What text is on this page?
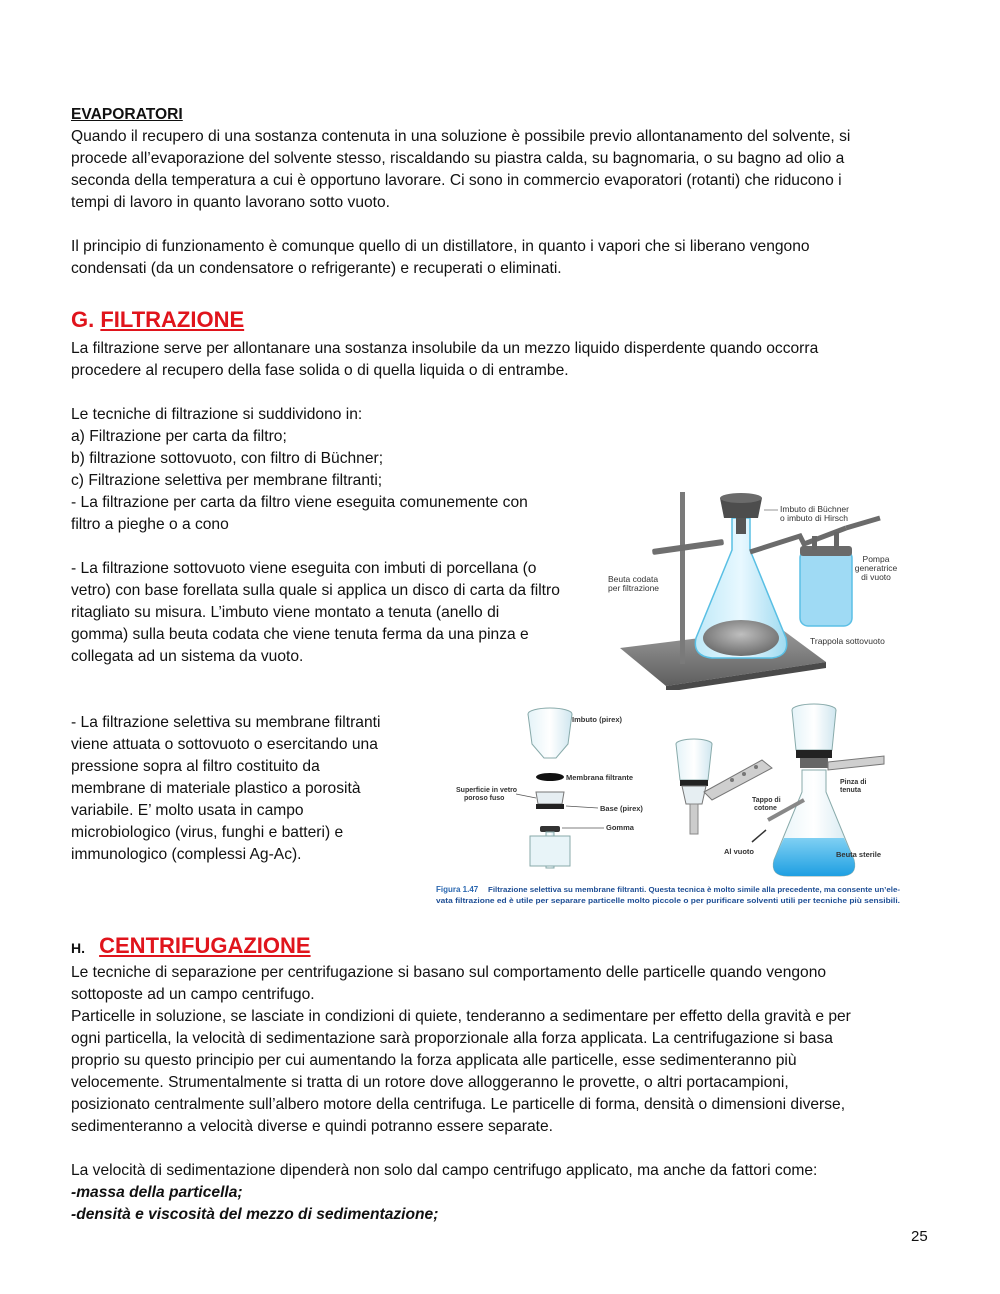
EVAPORATORI
Quando il recupero di una sostanza contenuta in una soluzione è possibile previo allontanamento del solvente, si
procede all’evaporazione del solvente stesso, riscaldando su piastra calda, su bagnomaria, o su bagno ad olio a
seconda della temperatura a cui è opportuno lavorare. Ci sono in commercio evaporatori (rotanti) che riducono i
tempi di lavoro in quanto lavorano sotto vuoto.

Il principio di funzionamento è comunque quello di un distillatore, in quanto i vapori che si liberano vengono
condensati (da un condensatore o refrigerante) e recuperati o eliminati.
G. FILTRAZIONE
La filtrazione serve per allontanare una sostanza insolubile da un mezzo liquido disperdente quando occorra
procedere al recupero della fase solida o di quella liquida o di entrambe.

Le tecniche di filtrazione si suddividono in:
a) Filtrazione per carta da filtro;
b) filtrazione sottovuoto, con filtro di Büchner;
c) Filtrazione selettiva per membrane filtranti;
- La filtrazione per carta da filtro viene eseguita comunemente con
filtro a pieghe o a cono

- La filtrazione sottovuoto viene eseguita con imbuti di porcellana (o
vetro) con base forellata sulla quale si applica un disco di carta da filtro
ritagliato su misura. L’imbuto viene montato a tenuta (anello di
gomma) sulla beuta codata che viene tenuta ferma da una pinza e
collegata ad un sistema da vuoto.
- La filtrazione selettiva su membrane filtranti
viene attuata o sottovuoto o esercitando una
pressione sopra al filtro costituito da
membrane di materiale plastico a porosità
variabile. E’ molto usata in campo
microbiologico (virus, funghi e batteri) e
immunologico (complessi Ag-Ac).
Imbuto di Büchner
o imbuto di Hirsch
Pompa
generatrice
di vuoto
Beuta codata
per filtrazione
Trappola sottovuoto
Imbuto (pirex)
Membrana filtrante
Superficie in vetro
poroso fuso
Base (pirex)
Gomma
Pinza di
tenuta
Tappo di
cotone
Al vuoto	Beuta sterile
Figura 1.47 Filtrazione selettiva su membrane filtranti. Questa tecnica è molto simile alla precedente, ma consente un’ele-
vata filtrazione ed è utile per separare particelle molto piccole o per purificare solventi utili per tecniche più sensibili.
H. CENTRIFUGAZIONE
Le tecniche di separazione per centrifugazione si basano sul comportamento delle particelle quando vengono
sottoposte ad un campo centrifugo.
Particelle in soluzione, se lasciate in condizioni di quiete, tenderanno a sedimentare per effetto della gravità e per
ogni particella, la velocità di sedimentazione sarà proporzionale alla forza applicata. La centrifugazione si basa
proprio su questo principio per cui aumentando la forza applicata alle particelle, esse sedimenteranno più
velocemente. Strumentalmente si tratta di un rotore dove alloggeranno le provette, o altri portacampioni,
posizionato centralmente sull’albero motore della centrifuga. Le particelle di forma, densità o dimensioni diverse,
sedimenteranno a velocità diverse e quindi potranno essere separate.

La velocità di sedimentazione dipenderà non solo dal campo centrifugo applicato, ma anche da fattori come:
-massa della particella;
-densità e viscosità del mezzo di sedimentazione;
25
